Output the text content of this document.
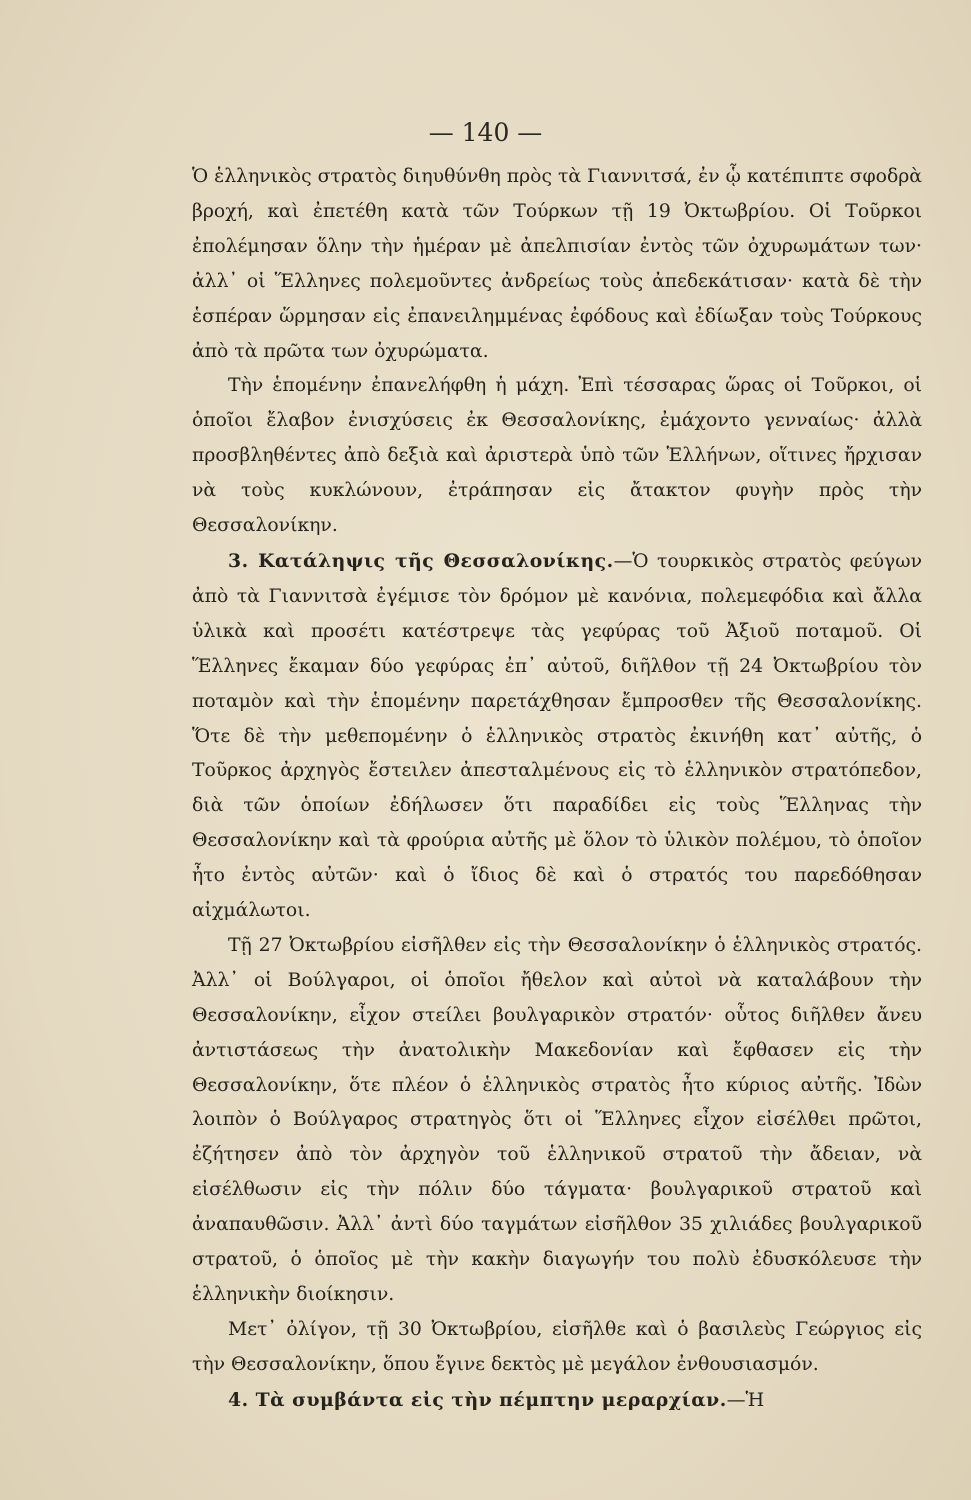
— 140 —

Ὁ ἑλληνικὸς στρατὸς διηυθύνθη πρὸς τὰ Γιαννιτσά, ἐν ᾧ κατέπιπτε σφοδρὰ βροχή, καὶ ἐπετέθη κατὰ τῶν Τούρκων τῇ 19 Ὀκτωβρίου. Οἱ Τοῦρκοι ἐπολέμησαν ὅλην τὴν ἡμέραν μὲ ἀπελπισίαν ἐντὸς τῶν ὀχυρωμάτων των· ἀλλ᾽ οἱ Ἕλληνες πολεμοῦντες ἀνδρείως τοὺς ἀπεδεκάτισαν· κατὰ δὲ τὴν ἑσπέραν ὥρμησαν εἰς ἐπανειλημμένας ἐφόδους καὶ ἐδίωξαν τοὺς Τούρκους ἀπὸ τὰ πρῶτα των ὀχυρώματα.

Τὴν ἑπομένην ἐπανελήφθη ἡ μάχη. Ἐπὶ τέσσαρας ὥρας οἱ Τοῦρκοι, οἱ ὁποῖοι ἔλαβον ἐνισχύσεις ἐκ Θεσσαλονίκης, ἐμάχοντο γενναίως· ἀλλὰ προσβληθέντες ἀπὸ δεξιὰ καὶ ἀριστερὰ ὑπὸ τῶν Ἑλλήνων, οἵτινες ἤρχισαν νὰ τοὺς κυκλώνουν, ἐτράπησαν εἰς ἄτακτον φυγὴν πρὸς τὴν Θεσσαλονίκην.

3. Κατάληψις τῆς Θεσσαλονίκης.—Ὁ τουρκικὸς στρατὸς φεύγων ἀπὸ τὰ Γιαννιτσὰ ἐγέμισε τὸν δρόμον μὲ κανόνια, πολεμεφόδια καὶ ἄλλα ὑλικὰ καὶ προσέτι κατέστρεψε τὰς γεφύρας τοῦ Ἀξιοῦ ποταμοῦ. Οἱ Ἕλληνες ἔκαμαν δύο γεφύρας ἐπ᾽ αὐτοῦ, διῆλθον τῇ 24 Ὀκτωβρίου τὸν ποταμὸν καὶ τὴν ἑπομένην παρετάχθησαν ἔμπροσθεν τῆς Θεσσαλονίκης. Ὅτε δὲ τὴν μεθεπομένην ὁ ἑλληνικὸς στρατὸς ἐκινήθη κατ᾽ αὐτῆς, ὁ Τοῦρκος ἀρχηγὸς ἔστειλεν ἀπεσταλμένους εἰς τὸ ἑλληνικὸν στρατόπεδον, διὰ τῶν ὁποίων ἐδήλωσεν ὅτι παραδίδει εἰς τοὺς Ἕλληνας τὴν Θεσσαλονίκην καὶ τὰ φρούρια αὐτῆς μὲ ὅλον τὸ ὑλικὸν πολέμου, τὸ ὁποῖον ἦτο ἐντὸς αὐτῶν· καὶ ὁ ἴδιος δὲ καὶ ὁ στρατός του παρεδόθησαν αἰχμάλωτοι.

Τῇ 27 Ὀκτωβρίου εἰσῆλθεν εἰς τὴν Θεσσαλονίκην ὁ ἑλληνικὸς στρατός. Ἀλλ᾽ οἱ Βούλγαροι, οἱ ὁποῖοι ἤθελον καὶ αὐτοὶ νὰ καταλάβουν τὴν Θεσσαλονίκην, εἶχον στείλει βουλγαρικὸν στρατόν· οὗτος διῆλθεν ἄνευ ἀντιστάσεως τὴν ἀνατολικὴν Μακεδονίαν καὶ ἔφθασεν εἰς τὴν Θεσσαλονίκην, ὅτε πλέον ὁ ἑλληνικὸς στρατὸς ἦτο κύριος αὐτῆς. Ἰδὼν λοιπὸν ὁ Βούλγαρος στρατηγὸς ὅτι οἱ Ἕλληνες εἶχον εἰσέλθει πρῶτοι, ἐζήτησεν ἀπὸ τὸν ἀρχηγὸν τοῦ ἑλληνικοῦ στρατοῦ τὴν ἄδειαν, νὰ εἰσέλθωσιν εἰς τὴν πόλιν δύο τάγματα· βουλγαρικοῦ στρατοῦ καὶ ἀναπαυθῶσιν. Ἀλλ᾽ ἀντὶ δύο ταγμάτων εἰσῆλθον 35 χιλιάδες βουλγαρικοῦ στρατοῦ, ὁ ὁποῖος μὲ τὴν κακὴν διαγωγήν του πολὺ ἐδυσκόλευσε τὴν ἑλληνικὴν διοίκησιν.

Μετ᾽ ὀλίγον, τῇ 30 Ὀκτωβρίου, εἰσῆλθε καὶ ὁ βασιλεὺς Γεώργιος εἰς τὴν Θεσσαλονίκην, ὅπου ἔγινε δεκτὸς μὲ μεγάλον ἐνθουσιασμόν.

4. Τὰ συμβάντα εἰς τὴν πέμπτην μεραρχίαν.—Ἡ
